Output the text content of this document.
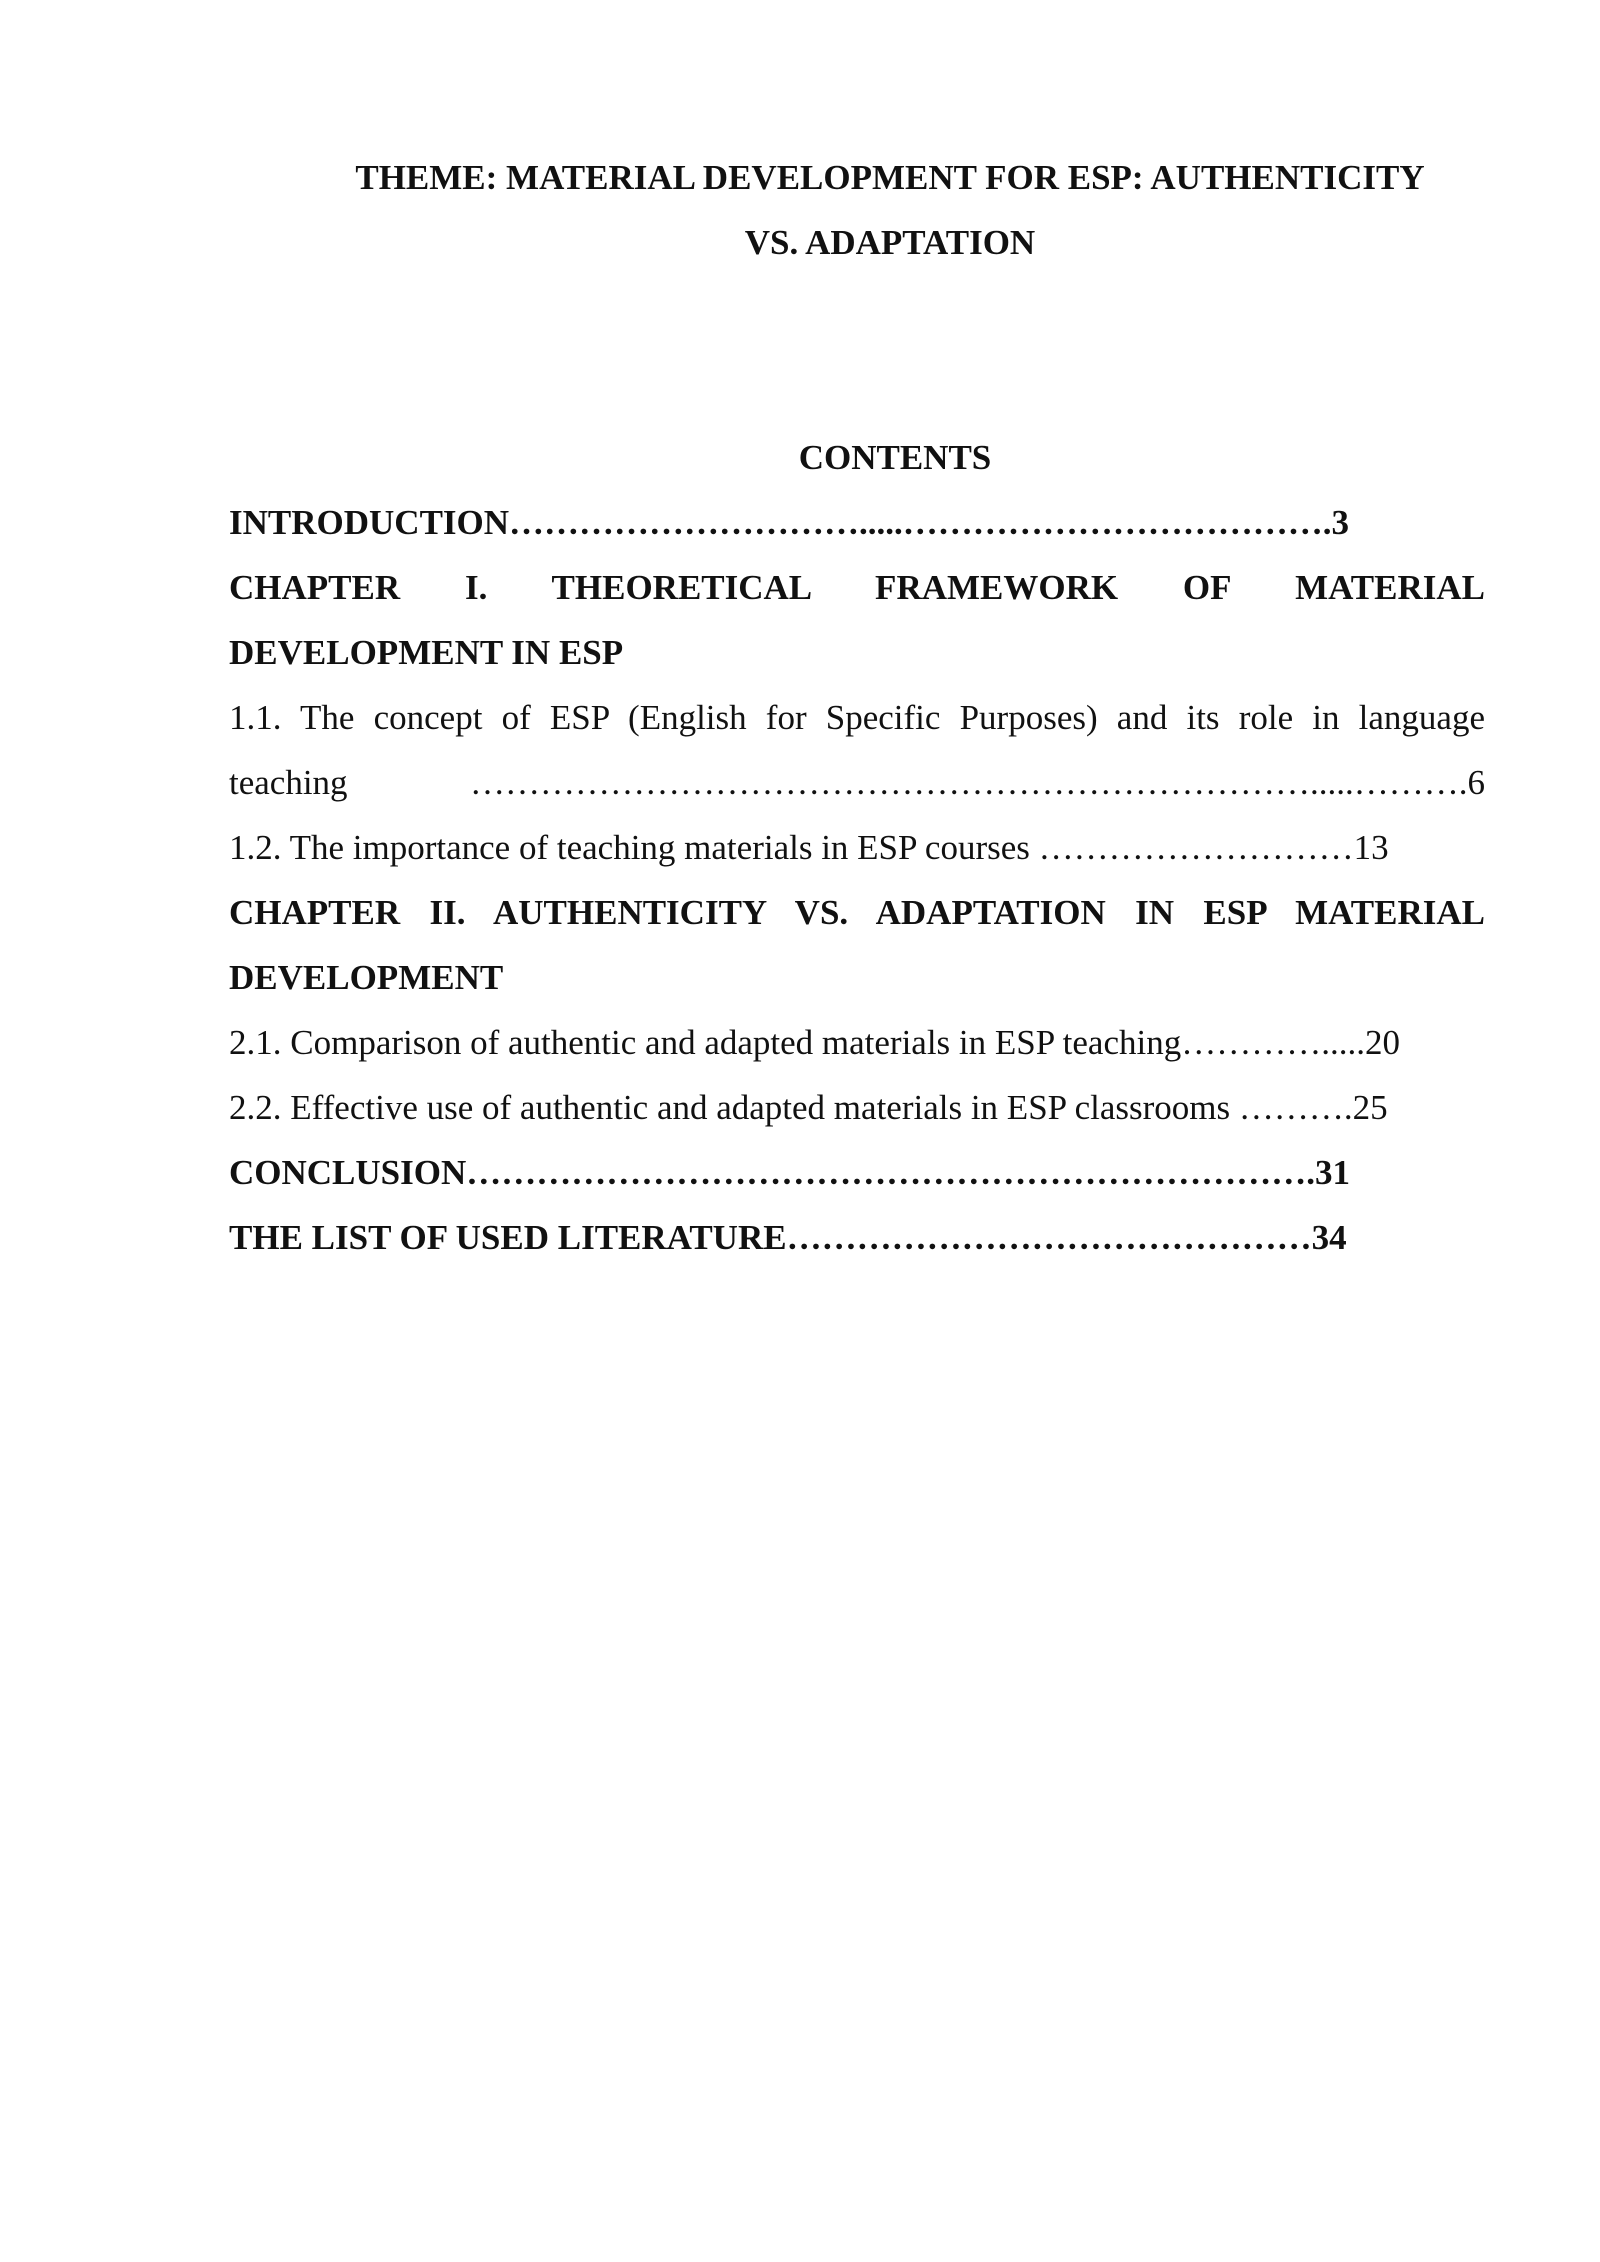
THEME: MATERIAL DEVELOPMENT FOR ESP: AUTHENTICITY
VS. ADAPTATION
CONTENTS
INTRODUCTION………………………….....……………………………….3
CHAPTER I. THEORETICAL FRAMEWORK OF MATERIAL
DEVELOPMENT IN ESP
1.1. The concept of ESP (English for Specific Purposes) and its role in language
teaching ……………………………………………………………….....……….6
1.2. The importance of teaching materials in ESP courses ………………………13
CHAPTER II. AUTHENTICITY VS. ADAPTATION IN ESP MATERIAL
DEVELOPMENT
2.1. Comparison of authentic and adapted materials in ESP teaching………….....20
2.2. Effective use of authentic and adapted materials in ESP classrooms ……….25
CONCLUSION……………………………………………………………….31
THE LIST OF USED LITERATURE………………………………………34
